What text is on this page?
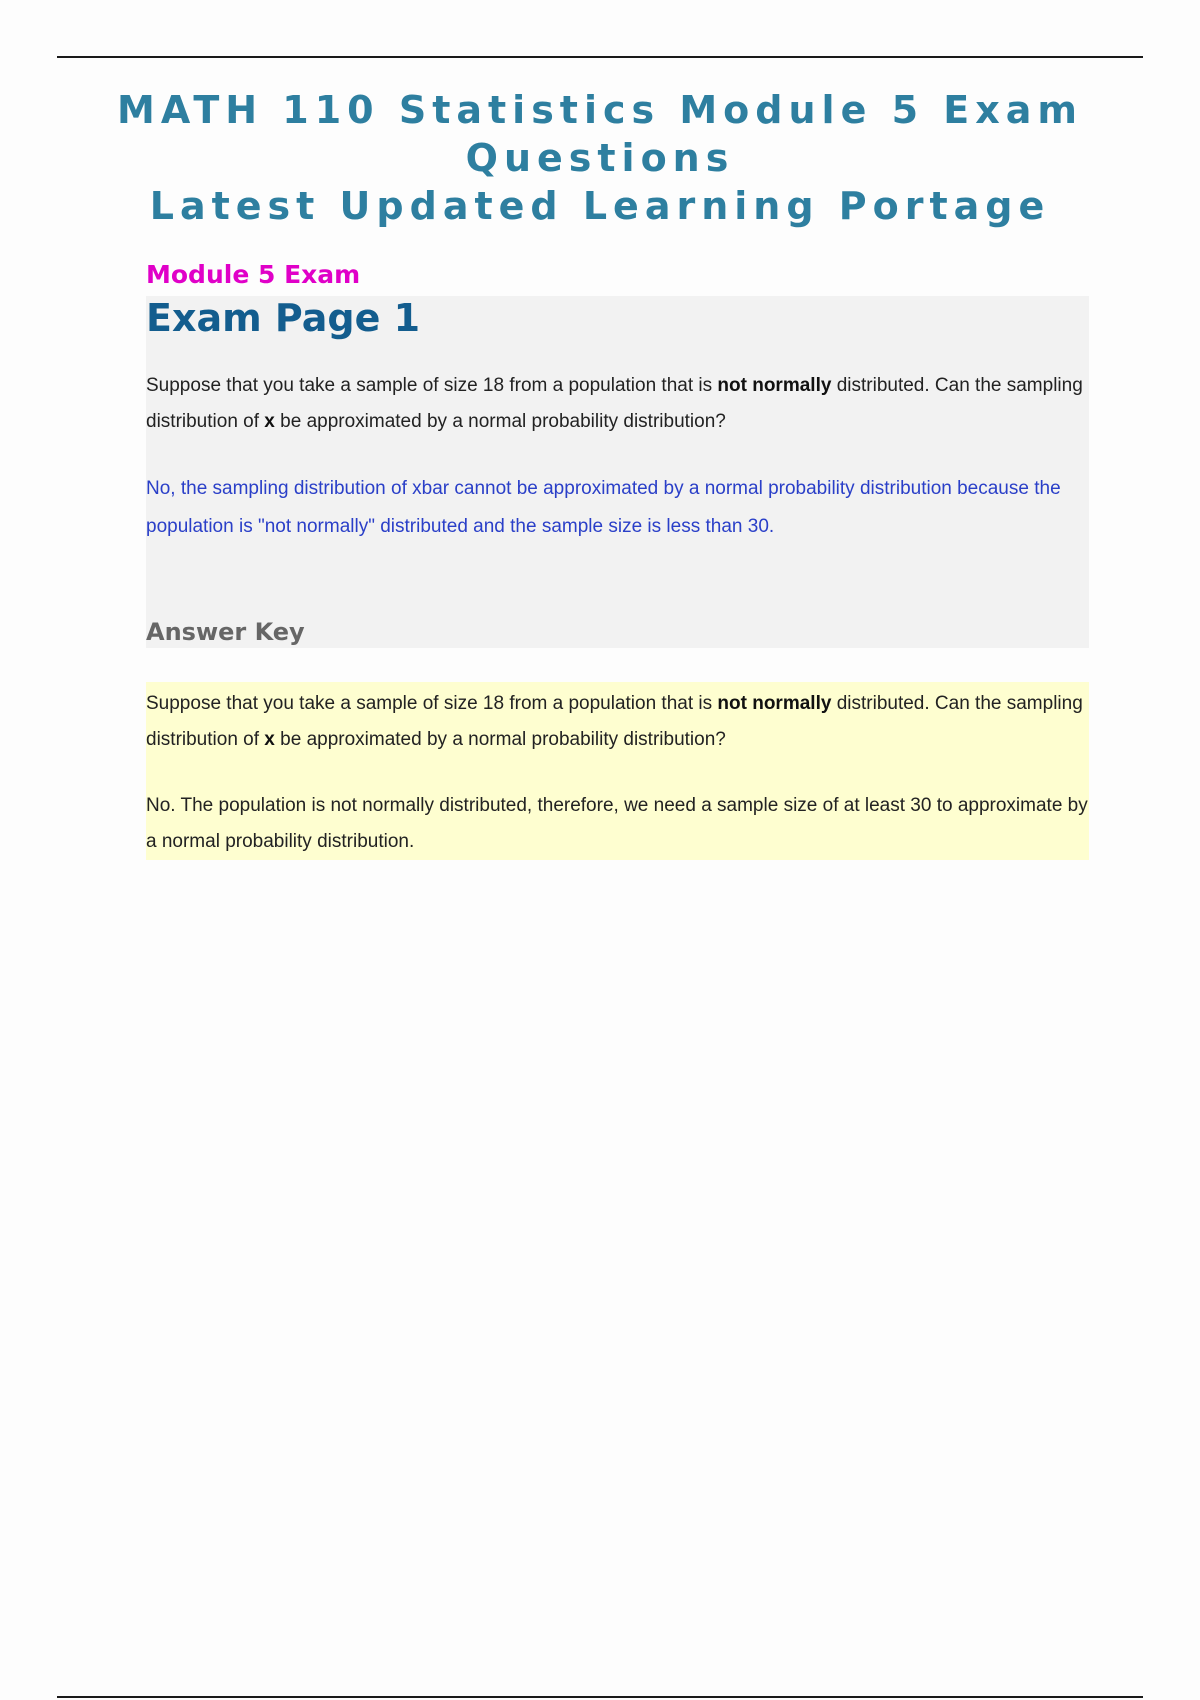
MATH 110 Statistics Module 5 Exam Questions
Latest Updated Learning Portage
Module 5 Exam
Exam Page 1

Suppose that you take a sample of size 18 from a population that is not normally distributed. Can the sampling distribution of x be approximated by a normal probability distribution?

No, the sampling distribution of xbar cannot be approximated by a normal probability distribution because the population is "not normally" distributed and the sample size is less than 30.

Answer Key

Suppose that you take a sample of size 18 from a population that is not normally distributed. Can the sampling distribution of x be approximated by a normal probability distribution?

No. The population is not normally distributed, therefore, we need a sample size of at least 30 to approximate by a normal probability distribution.
